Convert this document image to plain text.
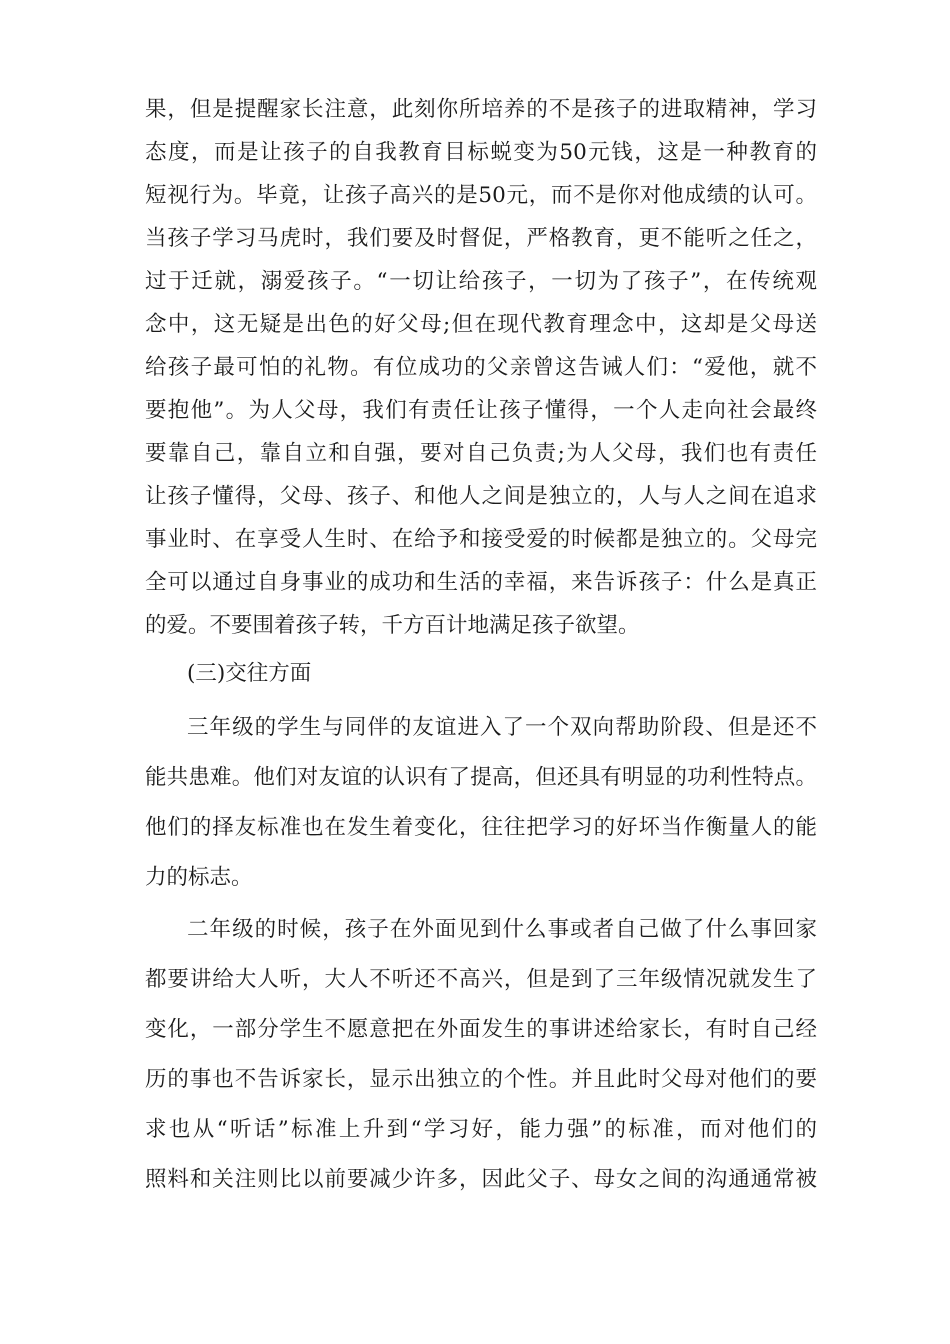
果，但是提醒家长注意，此刻你所培养的不是孩子的进取精神，学习
态度，而是让孩子的自我教育目标蜕变为50元钱，这是一种教育的
短视行为。毕竟，让孩子高兴的是50元，而不是你对他成绩的认可。
当孩子学习马虎时，我们要及时督促，严格教育，更不能听之任之，
过于迁就，溺爱孩子。“一切让给孩子，一切为了孩子”，在传统观
念中，这无疑是出色的好父母;但在现代教育理念中，这却是父母送
给孩子最可怕的礼物。有位成功的父亲曾这告诫人们：“爱他，就不
要抱他”。为人父母，我们有责任让孩子懂得，一个人走向社会最终
要靠自己，靠自立和自强，要对自己负责;为人父母，我们也有责任
让孩子懂得，父母、孩子、和他人之间是独立的，人与人之间在追求
事业时、在享受人生时、在给予和接受爱的时候都是独立的。父母完
全可以通过自身事业的成功和生活的幸福，来告诉孩子：什么是真正
的爱。不要围着孩子转，千方百计地满足孩子欲望。
(三)交往方面
三年级的学生与同伴的友谊进入了一个双向帮助阶段、但是还不
能共患难。他们对友谊的认识有了提高，但还具有明显的功利性特点。
他们的择友标准也在发生着变化，往往把学习的好坏当作衡量人的能
力的标志。
二年级的时候，孩子在外面见到什么事或者自己做了什么事回家
都要讲给大人听，大人不听还不高兴，但是到了三年级情况就发生了
变化，一部分学生不愿意把在外面发生的事讲述给家长，有时自己经
历的事也不告诉家长，显示出独立的个性。并且此时父母对他们的要
求也从“听话”标准上升到“学习好，能力强”的标准，而对他们的
照料和关注则比以前要减少许多，因此父子、母女之间的沟通通常被
